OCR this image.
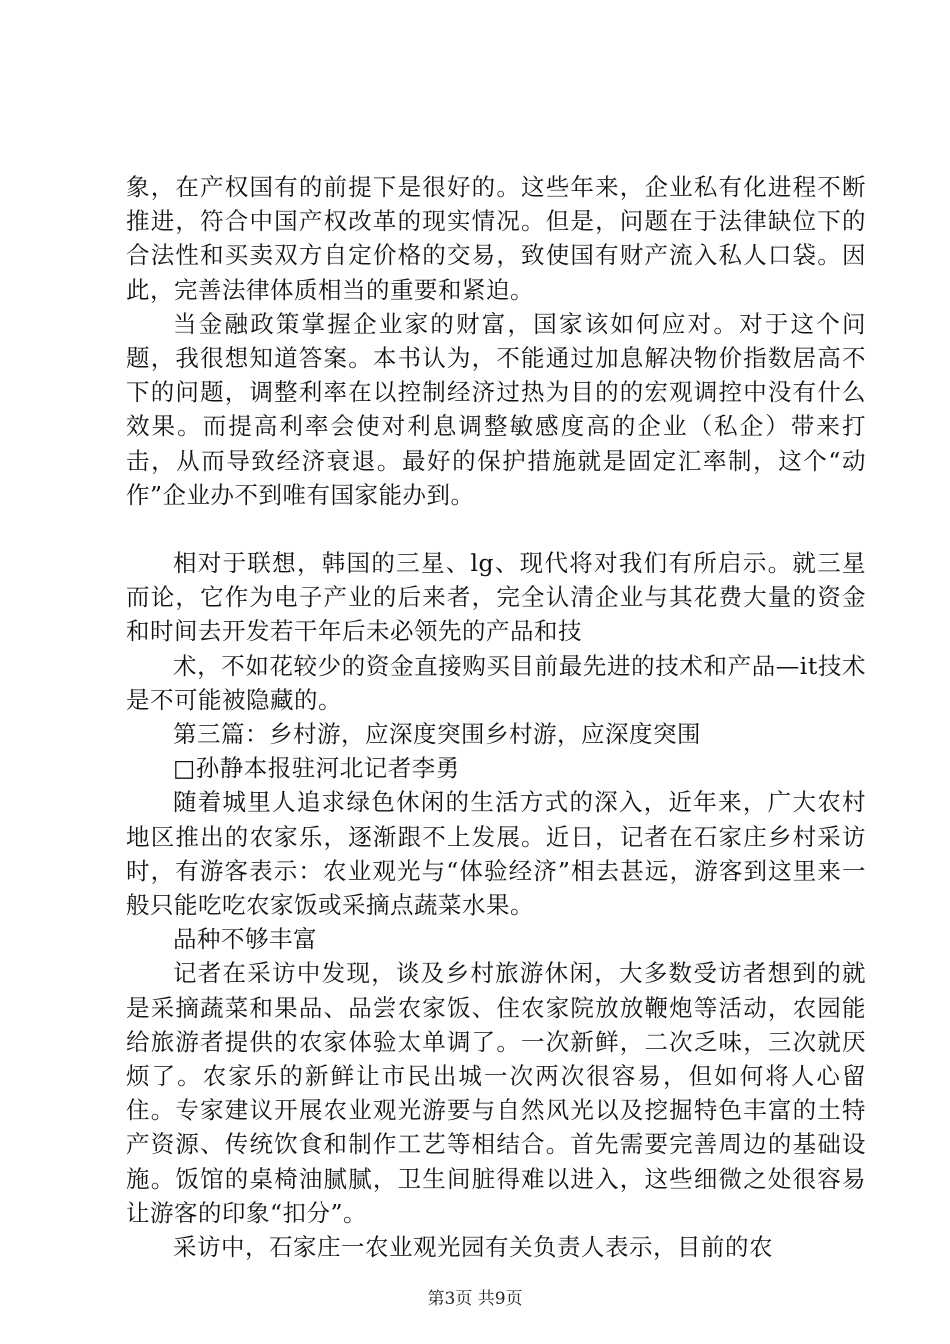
象，在产权国有的前提下是很好的。这些年来，企业私有化进程不断推进，符合中国产权改革的现实情况。但是，问题在于法律缺位下的合法性和买卖双方自定价格的交易，致使国有财产流入私人口袋。因此，完善法律体质相当的重要和紧迫。

当金融政策掌握企业家的财富，国家该如何应对。对于这个问题，我很想知道答案。本书认为，不能通过加息解决物价指数居高不下的问题，调整利率在以控制经济过热为目的的宏观调控中没有什么效果。而提高利率会使对利息调整敏感度高的企业（私企）带来打击，从而导致经济衰退。最好的保护措施就是固定汇率制，这个“动作”企业办不到唯有国家能办到。

相对于联想，韩国的三星、lg、现代将对我们有所启示。就三星而论，它作为电子产业的后来者，完全认清企业与其花费大量的资金和时间去开发若干年后未必领先的产品和技

术，不如花较少的资金直接购买目前最先进的技术和产品—it技术是不可能被隐藏的。

第三篇：乡村游，应深度突围乡村游，应深度突围

□孙静本报驻河北记者李勇

随着城里人追求绿色休闲的生活方式的深入，近年来，广大农村地区推出的农家乐，逐渐跟不上发展。近日，记者在石家庄乡村采访时，有游客表示：农业观光与“体验经济”相去甚远，游客到这里来一般只能吃吃农家饭或采摘点蔬菜水果。

品种不够丰富

记者在采访中发现，谈及乡村旅游休闲，大多数受访者想到的就是采摘蔬菜和果品、品尝农家饭、住农家院放放鞭炮等活动，农园能给旅游者提供的农家体验太单调了。一次新鲜，二次乏味，三次就厌烦了。农家乐的新鲜让市民出城一次两次很容易，但如何将人心留住。专家建议开展农业观光游要与自然风光以及挖掘特色丰富的土特产资源、传统饮食和制作工艺等相结合。首先需要完善周边的基础设施。饭馆的桌椅油腻腻，卫生间脏得难以进入，这些细微之处很容易让游客的印象“扣分”。

采访中，石家庄一农业观光园有关负责人表示，目前的农

第3页 共9页
